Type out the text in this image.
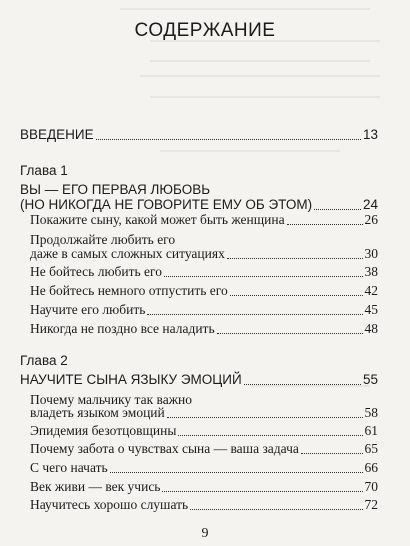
СОДЕРЖАНИЕ
ВВЕДЕНИЕ	13
Глава 1
ВЫ — ЕГО ПЕРВАЯ ЛЮБОВЬ
(НО НИКОГДА НЕ ГОВОРИТЕ ЕМУ ОБ ЭТОМ)	24
Покажите сыну, какой может быть женщина	26
Продолжайте любить его
даже в самых сложных ситуациях	30
Не бойтесь любить его	38
Не бойтесь немного отпустить его	42
Научите его любить	45
Никогда не поздно все наладить	48
Глава 2
НАУЧИТЕ СЫНА ЯЗЫКУ ЭМОЦИЙ	55
Почему мальчику так важно
владеть языком эмоций	58
Эпидемия безотцовщины	61
Почему забота о чувствах сына — ваша задача	65
С чего начать	66
Век живи — век учись	70
Научитесь хорошо слушать	72
9
